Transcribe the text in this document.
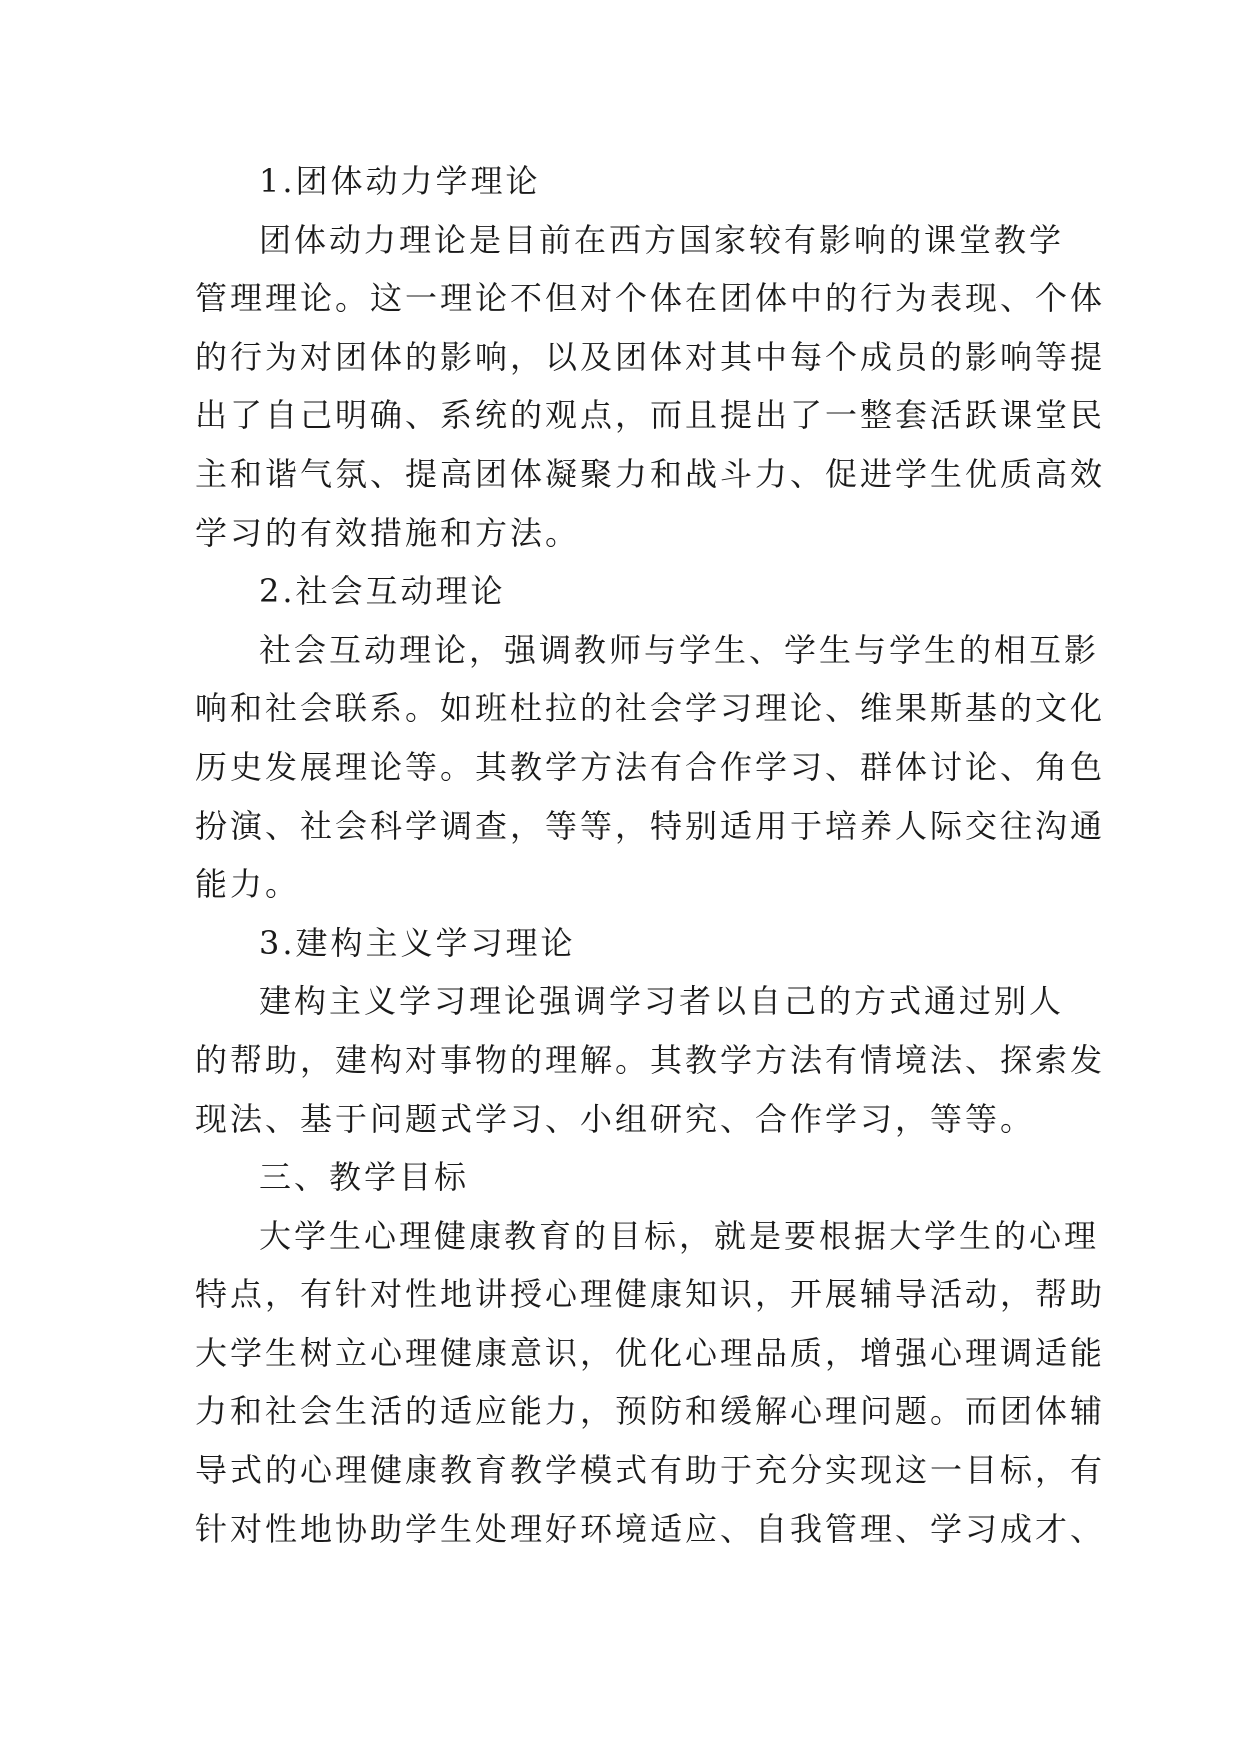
1.团体动力学理论
团体动力理论是目前在西方国家较有影响的课堂教学
管理理论。这一理论不但对个体在团体中的行为表现、个体
的行为对团体的影响，以及团体对其中每个成员的影响等提
出了自己明确、系统的观点，而且提出了一整套活跃课堂民
主和谐气氛、提高团体凝聚力和战斗力、促进学生优质高效
学习的有效措施和方法。
2.社会互动理论
社会互动理论，强调教师与学生、学生与学生的相互影
响和社会联系。如班杜拉的社会学习理论、维果斯基的文化
历史发展理论等。其教学方法有合作学习、群体讨论、角色
扮演、社会科学调查，等等，特别适用于培养人际交往沟通
能力。
3.建构主义学习理论
建构主义学习理论强调学习者以自己的方式通过别人
的帮助，建构对事物的理解。其教学方法有情境法、探索发
现法、基于问题式学习、小组研究、合作学习，等等。
三、教学目标
大学生心理健康教育的目标，就是要根据大学生的心理
特点，有针对性地讲授心理健康知识，开展辅导活动，帮助
大学生树立心理健康意识，优化心理品质，增强心理调适能
力和社会生活的适应能力，预防和缓解心理问题。而团体辅
导式的心理健康教育教学模式有助于充分实现这一目标，有
针对性地协助学生处理好环境适应、自我管理、学习成才、
